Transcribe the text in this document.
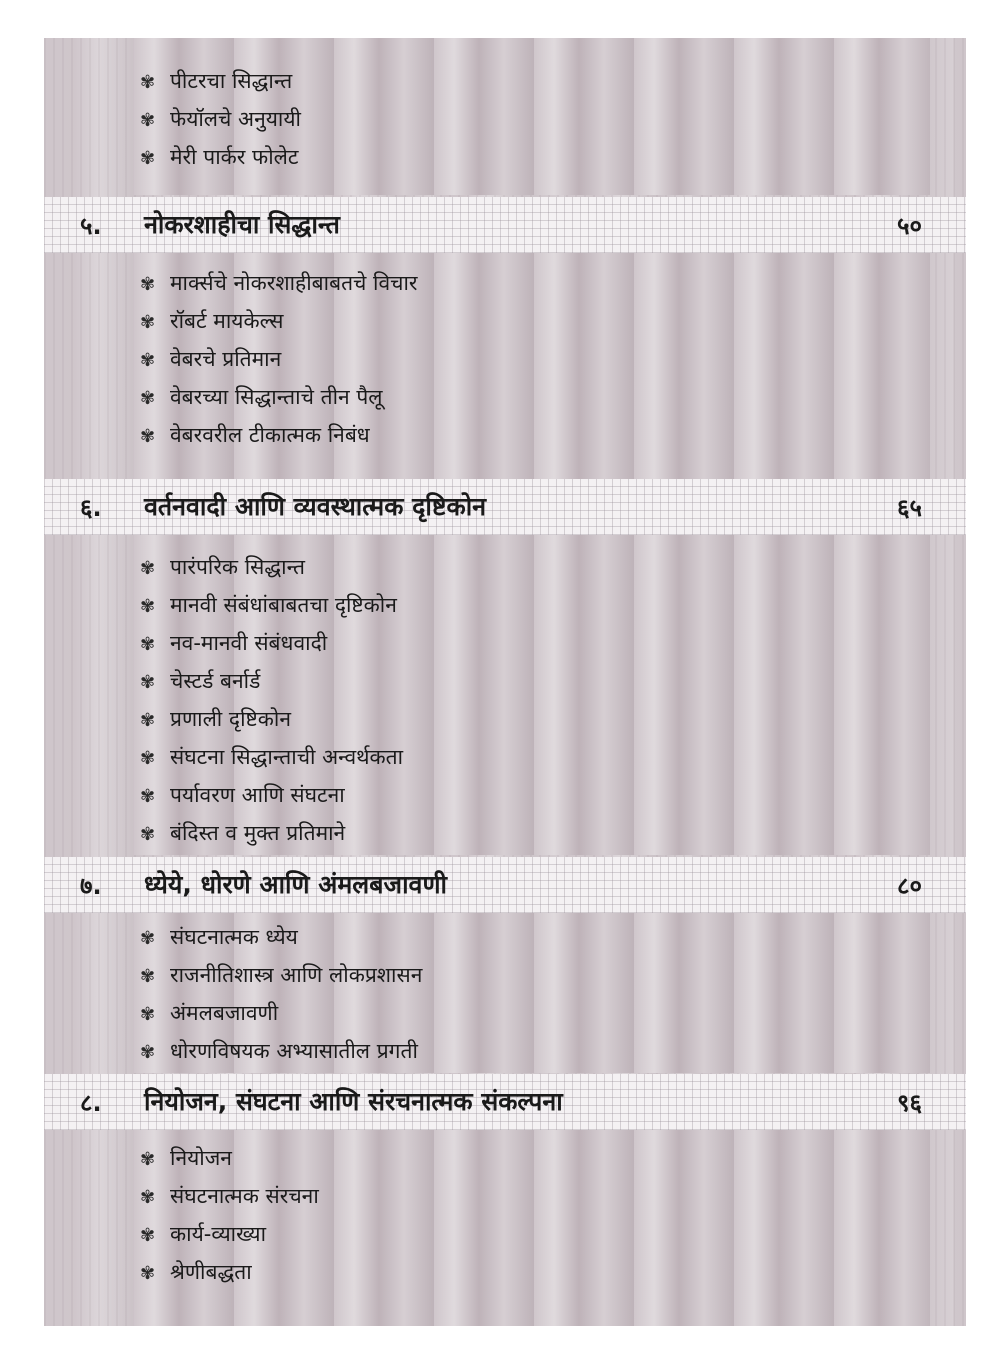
✾ पीटरचा सिद्धान्त
✾ फेयॉलचे अनुयायी
✾ मेरी पार्कर फोलेट
५. नोकरशाहीचा सिद्धान्त	५०
✾ मार्क्सचे नोकरशाहीबाबतचे विचार
✾ रॉबर्ट मायकेल्स
✾ वेबरचे प्रतिमान
✾ वेबरच्या सिद्धान्ताचे तीन पैलू
✾ वेबरवरील टीकात्मक निबंध
६. वर्तनवादी आणि व्यवस्थात्मक दृष्टिकोन	६५
✾ पारंपरिक सिद्धान्त
✾ मानवी संबंधांबाबतचा दृष्टिकोन
✾ नव-मानवी संबंधवादी
✾ चेस्टर्ड बर्नार्ड
✾ प्रणाली दृष्टिकोन
✾ संघटना सिद्धान्ताची अन्वर्थकता
✾ पर्यावरण आणि संघटना
✾ बंदिस्त व मुक्त प्रतिमाने
७. ध्येये, धोरणे आणि अंमलबजावणी	८०
✾ संघटनात्मक ध्येय
✾ राजनीतिशास्त्र आणि लोकप्रशासन
✾ अंमलबजावणी
✾ धोरणविषयक अभ्यासातील प्रगती
८. नियोजन, संघटना आणि संरचनात्मक संकल्पना	९६
✾ नियोजन
✾ संघटनात्मक संरचना
✾ कार्य-व्याख्या
✾ श्रेणीबद्धता
